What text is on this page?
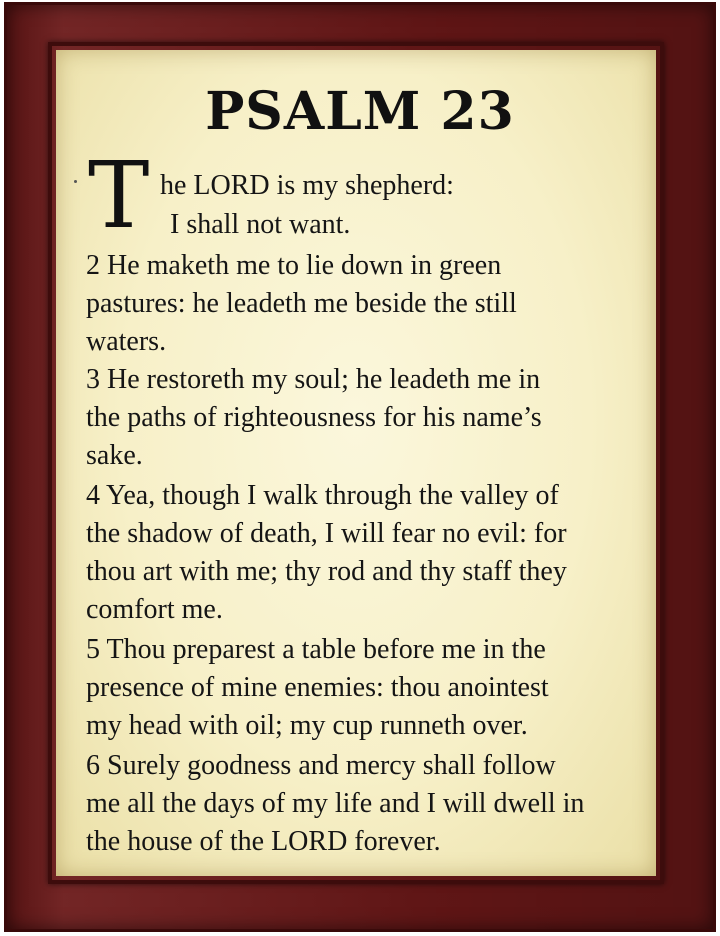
PSALM 23
T he LORD is my shepherd:
I shall not want.
2 He maketh me to lie down in green
pastures: he leadeth me beside the still
waters.
3 He restoreth my soul; he leadeth me in
the paths of righteousness for his name’s
sake.
4 Yea, though I walk through the valley of
the shadow of death, I will fear no evil: for
thou art with me; thy rod and thy staff they
comfort me.
5 Thou preparest a table before me in the
presence of mine enemies: thou anointest
my head with oil; my cup runneth over.
6 Surely goodness and mercy shall follow
me all the days of my life and I will dwell in
the house of the LORD forever.
